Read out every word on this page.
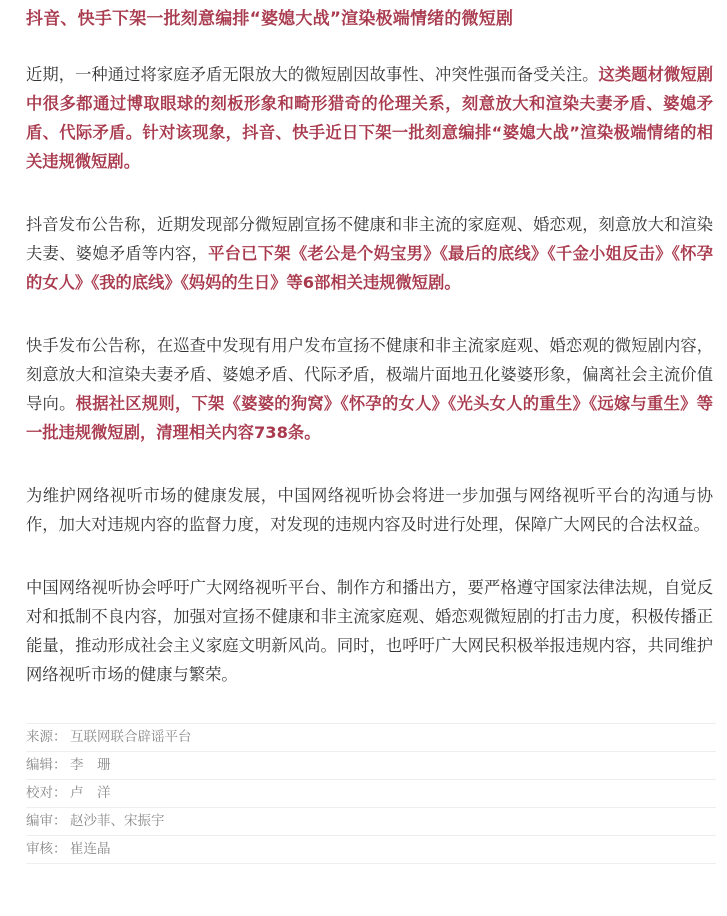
抖音、快手下架一批刻意编排“婆媳大战”渲染极端情绪的微短剧

近期，一种通过将家庭矛盾无限放大的微短剧因故事性、冲突性强而备受关注。这类题材微短剧中很多都通过博取眼球的刻板形象和畸形猎奇的伦理关系，刻意放大和渲染夫妻矛盾、婆媳矛盾、代际矛盾。针对该现象，抖音、快手近日下架一批刻意编排“婆媳大战”渲染极端情绪的相关违规微短剧。

抖音发布公告称，近期发现部分微短剧宣扬不健康和非主流的家庭观、婚恋观，刻意放大和渲染夫妻、婆媳矛盾等内容，平台已下架《老公是个妈宝男》《最后的底线》《千金小姐反击》《怀孕的女人》《我的底线》《妈妈的生日》等6部相关违规微短剧。

快手发布公告称，在巡查中发现有用户发布宣扬不健康和非主流家庭观、婚恋观的微短剧内容，刻意放大和渲染夫妻矛盾、婆媳矛盾、代际矛盾，极端片面地丑化婆婆形象，偏离社会主流价值导向。根据社区规则，下架《婆婆的狗窝》《怀孕的女人》《光头女人的重生》《远嫁与重生》等一批违规微短剧，清理相关内容738条。

为维护网络视听市场的健康发展，中国网络视听协会将进一步加强与网络视听平台的沟通与协作，加大对违规内容的监督力度，对发现的违规内容及时进行处理，保障广大网民的合法权益。

中国网络视听协会呼吁广大网络视听平台、制作方和播出方，要严格遵守国家法律法规，自觉反对和抵制不良内容，加强对宣扬不健康和非主流家庭观、婚恋观微短剧的打击力度，积极传播正能量，推动形成社会主义家庭文明新风尚。同时，也呼吁广大网民积极举报违规内容，共同维护网络视听市场的健康与繁荣。

来源： 互联网联合辟谣平台
编辑： 李　珊
校对： 卢　洋
编审： 赵沙菲、宋振宇
审核： 崔连晶
